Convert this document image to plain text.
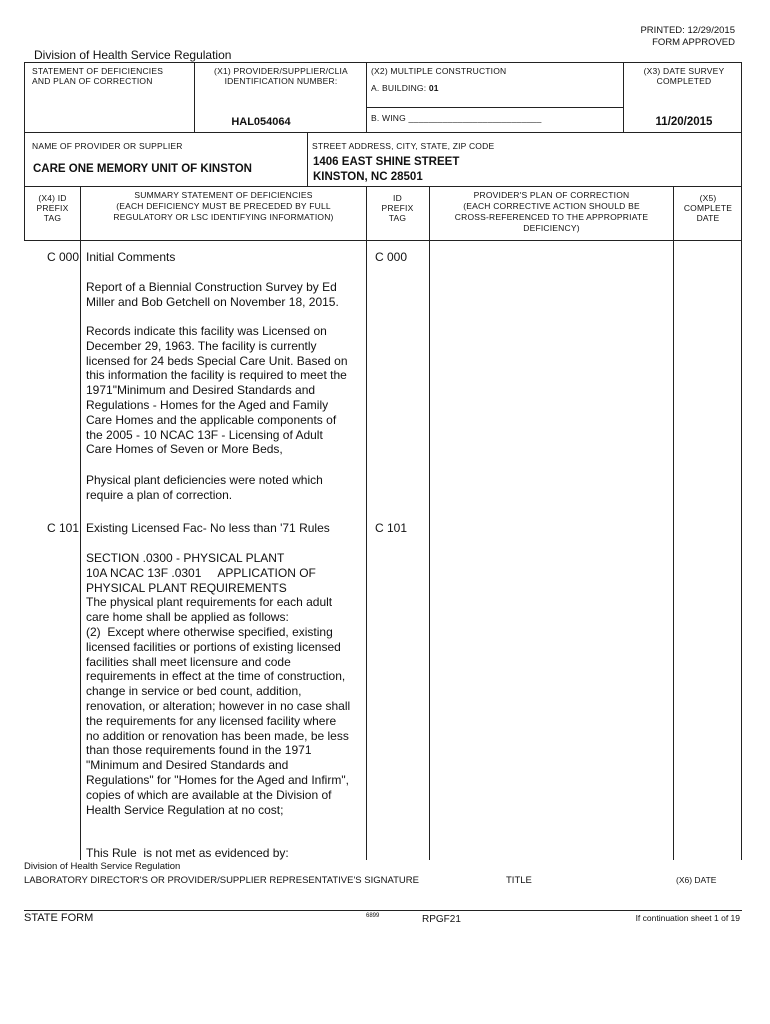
PRINTED: 12/29/2015
FORM APPROVED
Division of Health Service Regulation
STATEMENT OF DEFICIENCIES
AND PLAN OF CORRECTION
(X1) PROVIDER/SUPPLIER/CLIA
IDENTIFICATION NUMBER:
HAL054064
(X2) MULTIPLE CONSTRUCTION
A. BUILDING: 01
B. WING ___________________________
(X3) DATE SURVEY
COMPLETED
11/20/2015
NAME OF PROVIDER OR SUPPLIER
CARE ONE MEMORY UNIT OF KINSTON
STREET ADDRESS, CITY, STATE, ZIP CODE
1406 EAST SHINE STREET
KINSTON, NC 28501
(X4) ID
PREFIX
TAG
SUMMARY STATEMENT OF DEFICIENCIES
(EACH DEFICIENCY MUST BE PRECEDED BY FULL
REGULATORY OR LSC IDENTIFYING INFORMATION)
ID
PREFIX
TAG
PROVIDER'S PLAN OF CORRECTION
(EACH CORRECTIVE ACTION SHOULD BE
CROSS-REFERENCED TO THE APPROPRIATE
DEFICIENCY)
(X5)
COMPLETE
DATE
C 000	C 000
Initial Comments
Report of a Biennial Construction Survey by Ed
Miller and Bob Getchell on November 18, 2015.
Records indicate this facility was Licensed on
December 29, 1963. The facility is currently
licensed for 24 beds Special Care Unit. Based on
this information the facility is required to meet the
1971"Minimum and Desired Standards and
Regulations - Homes for the Aged and Family
Care Homes and the applicable components of
the 2005 - 10 NCAC 13F - Licensing of Adult
Care Homes of Seven or More Beds,
Physical plant deficiencies were noted which
require a plan of correction.
C 101	C 101
Existing Licensed Fac- No less than '71 Rules
SECTION .0300 - PHYSICAL PLANT
10A NCAC 13F .0301     APPLICATION OF
PHYSICAL PLANT REQUIREMENTS
The physical plant requirements for each adult
care home shall be applied as follows:
(2)  Except where otherwise specified, existing
licensed facilities or portions of existing licensed
facilities shall meet licensure and code
requirements in effect at the time of construction,
change in service or bed count, addition,
renovation, or alteration; however in no case shall
the requirements for any licensed facility where
no addition or renovation has been made, be less
than those requirements found in the 1971
"Minimum and Desired Standards and
Regulations" for "Homes for the Aged and Infirm",
copies of which are available at the Division of
Health Service Regulation at no cost;
This Rule  is not met as evidenced by:
Division of Health Service Regulation
LABORATORY DIRECTOR'S OR PROVIDER/SUPPLIER REPRESENTATIVE'S SIGNATURE	TITLE	(X6) DATE
STATE FORM	6899	RPGF21	If continuation sheet 1 of 19
